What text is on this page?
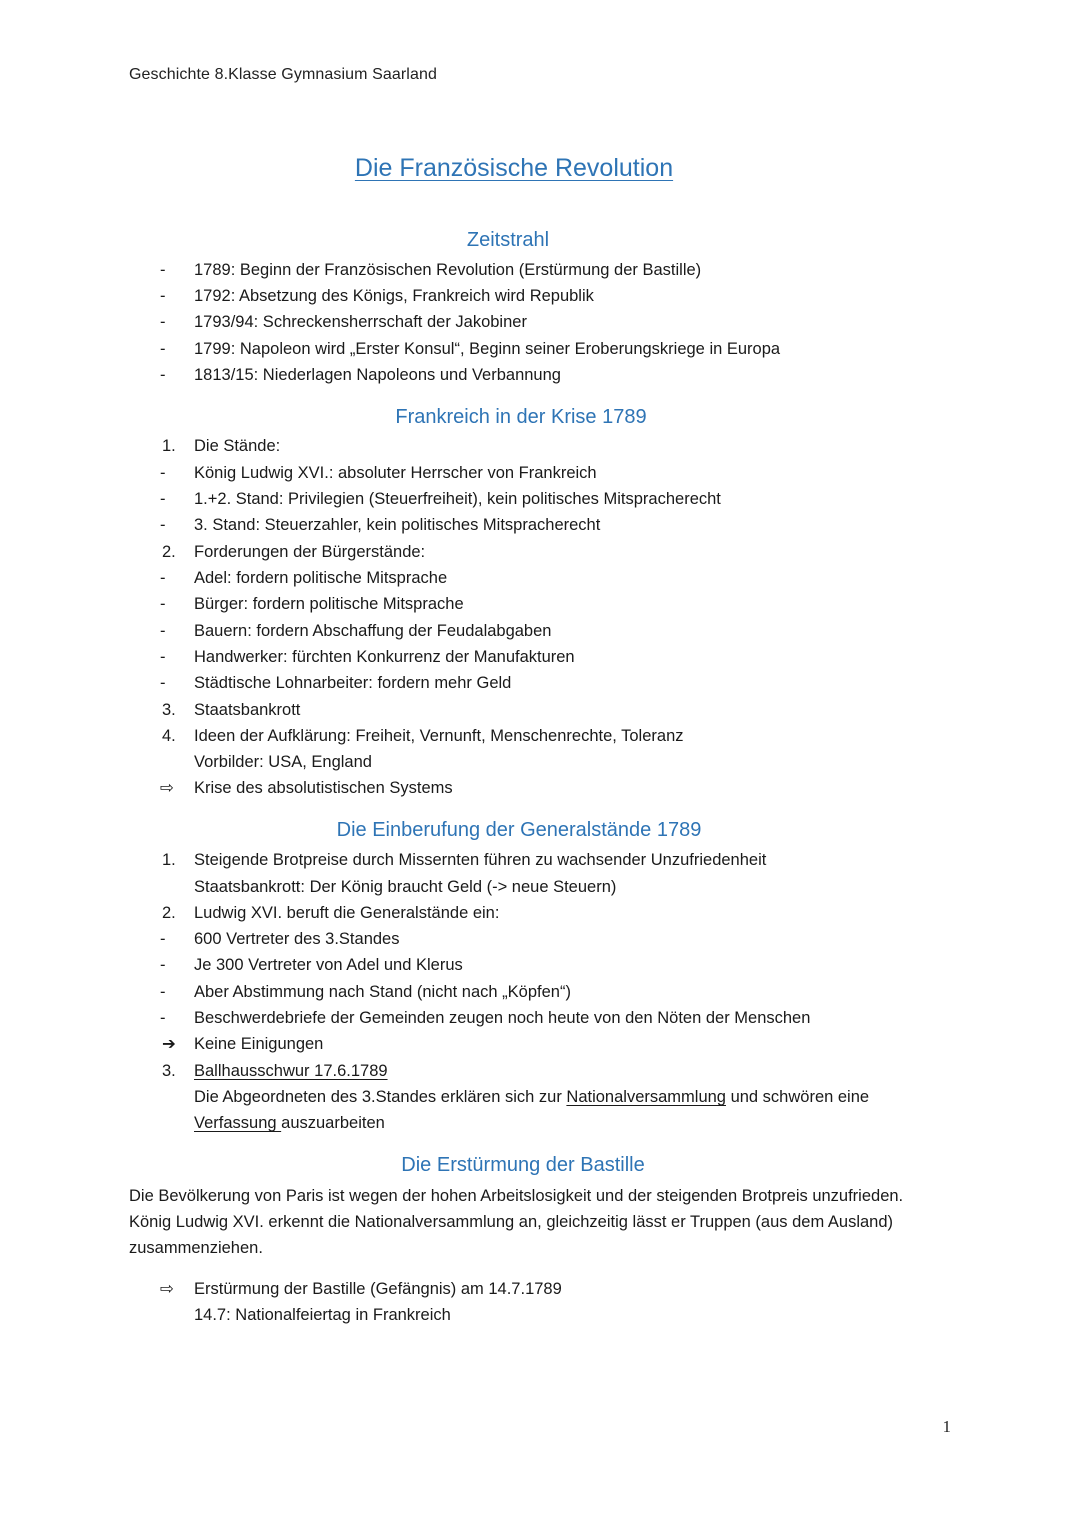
Geschichte 8.Klasse Gymnasium Saarland
Die Französische Revolution
Zeitstrahl
-	1789: Beginn der Französischen Revolution (Erstürmung der Bastille)
-	1792: Absetzung des Königs, Frankreich wird Republik
-	1793/94: Schreckensherrschaft der Jakobiner
-	1799: Napoleon wird „Erster Konsul“, Beginn seiner Eroberungskriege in Europa
-	1813/15: Niederlagen Napoleons und Verbannung
Frankreich in der Krise 1789
1.	Die Stände:
-	König Ludwig XVI.: absoluter Herrscher von Frankreich
-	1.+2. Stand: Privilegien (Steuerfreiheit), kein politisches Mitspracherecht
-	3. Stand: Steuerzahler, kein politisches Mitspracherecht
2.	Forderungen der Bürgerstände:
-	Adel: fordern politische Mitsprache
-	Bürger: fordern politische Mitsprache
-	Bauern: fordern Abschaffung der Feudalabgaben
-	Handwerker: fürchten Konkurrenz der Manufakturen
-	Städtische Lohnarbeiter: fordern mehr Geld
3.	Staatsbankrott
4.	Ideen der Aufklärung: Freiheit, Vernunft, Menschenrechte, Toleranz
Vorbilder: USA, England
⇨	Krise des absolutistischen Systems
Die Einberufung der Generalstände 1789
1.	Steigende Brotpreise durch Missernten führen zu wachsender Unzufriedenheit
Staatsbankrott: Der König braucht Geld (-> neue Steuern)
2.	Ludwig XVI. beruft die Generalstände ein:
-	600 Vertreter des 3.Standes
-	Je 300 Vertreter von Adel und Klerus
-	Aber Abstimmung nach Stand (nicht nach „Köpfen“)
-	Beschwerdebriefe der Gemeinden zeugen noch heute von den Nöten der Menschen
➔	Keine Einigungen
3.	Ballhausschwur 17.6.1789
Die Abgeordneten des 3.Standes erklären sich zur Nationalversammlung und schwören eine
Verfassung auszuarbeiten
Die Erstürmung der Bastille
Die Bevölkerung von Paris ist wegen der hohen Arbeitslosigkeit und der steigenden Brotpreis unzufrieden. König Ludwig XVI. erkennt die Nationalversammlung an, gleichzeitig lässt er Truppen (aus dem Ausland) zusammenziehen.
⇨	Erstürmung der Bastille (Gefängnis) am 14.7.1789
14.7: Nationalfeiertag in Frankreich
1
